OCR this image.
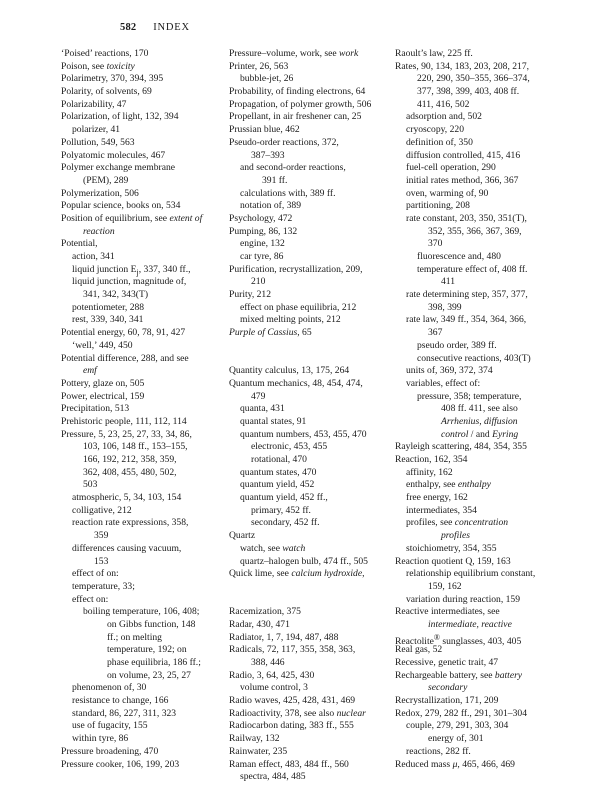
582 INDEX
‘Poised’ reactions, 170
Poison, see toxicity
Polarimetry, 370, 394, 395
Polarity, of solvents, 69
Polarizability, 47
Polarization, of light, 132, 394
polarizer, 41
Pollution, 549, 563
Polyatomic molecules, 467
Polymer exchange membrane
(PEM), 289
Polymerization, 506
Popular science, books on, 534
Position of equilibrium, see extent of
reaction
Potential,
action, 341
liquid junction $E_j$, 337, 340 ff.,
liquid junction, magnitude of,
341, 342, 343(T)
potentiometer, 288
rest, 339, 340, 341
Potential energy, 60, 78, 91, 427
‘well,’ 449, 450
Potential difference, 288, and see
emf
Pottery, glaze on, 505
Power, electrical, 159
Precipitation, 513
Prehistoric people, 111, 112, 114
Pressure, 5, 23, 25, 27, 33, 34, 86,
103, 106, 148 ff., 153–155,
166, 192, 212, 358, 359,
362, 408, 455, 480, 502,
503
atmospheric, 5, 34, 103, 154
colligative, 212
reaction rate expressions, 358,
359
differences causing vacuum,
153
effect of on:
temperature, 33;
effect on:
boiling temperature, 106, 408;
on Gibbs function, 148
ff.; on melting
temperature, 192; on
phase equilibria, 186 ff.;
on volume, 23, 25, 27
phenomenon of, 30
resistance to change, 166
standard, 86, 227, 311, 323
use of fugacity, 155
within tyre, 86
Pressure broadening, 470
Pressure cooker, 106, 199, 203
Pressure–volume, work, see work
Printer, 26, 563
bubble-jet, 26
Probability, of finding electrons, 64
Propagation, of polymer growth, 506
Propellant, in air freshener can, 25
Prussian blue, 462
Pseudo-order reactions, 372,
387–393
and second-order reactions,
391 ff.
calculations with, 389 ff.
notation of, 389
Psychology, 472
Pumping, 86, 132
engine, 132
car tyre, 86
Purification, recrystallization, 209,
210
Purity, 212
effect on phase equilibria, 212
mixed melting points, 212
Purple of Cassius, 65
Quantity calculus, 13, 175, 264
Quantum mechanics, 48, 454, 474,
479
quanta, 431
quantal states, 91
quantum numbers, 453, 455, 470
electronic, 453, 455
rotational, 470
quantum states, 470
quantum yield, 452
quantum yield, 452 ff.,
primary, 452 ff.
secondary, 452 ff.
Quartz
watch, see watch
quartz–halogen bulb, 474 ff., 505
Quick lime, see calcium hydroxide,
Racemization, 375
Radar, 430, 471
Radiator, 1, 7, 194, 487, 488
Radicals, 72, 117, 355, 358, 363,
388, 446
Radio, 3, 64, 425, 430
volume control, 3
Radio waves, 425, 428, 431, 469
Radioactivity, 378, see also nuclear
Radiocarbon dating, 383 ff., 555
Railway, 132
Rainwater, 235
Raman effect, 483, 484 ff., 560
spectra, 484, 485
Raoult’s law, 225 ff.
Rates, 90, 134, 183, 203, 208, 217,
220, 290, 350–355, 366–374,
377, 398, 399, 403, 408 ff.
411, 416, 502
adsorption and, 502
cryoscopy, 220
definition of, 350
diffusion controlled, 415, 416
fuel-cell operation, 290
initial rates method, 366, 367
oven, warming of, 90
partitioning, 208
rate constant, 203, 350, 351(T),
352, 355, 366, 367, 369,
370
fluorescence and, 480
temperature effect of, 408 ff.
411
rate determining step, 357, 377,
398, 399
rate law, 349 ff., 354, 364, 366,
367
pseudo order, 389 ff.
consecutive reactions, 403(T)
units of, 369, 372, 374
variables, effect of:
pressure, 358; temperature,
408 ff. 411, see also
Arrhenius, diffusion
control / and Eyring
Rayleigh scattering, 484, 354, 355
Reaction, 162, 354
affinity, 162
enthalpy, see enthalpy
free energy, 162
intermediates, 354
profiles, see concentration
profiles
stoichiometry, 354, 355
Reaction quotient Q, 159, 163
relationship equilibrium constant,
159, 162
variation during reaction, 159
Reactive intermediates, see
intermediate, reactive
Reactolite® sunglasses, 403, 405
Real gas, 52
Recessive, genetic trait, 47
Rechargeable battery, see battery
secondary
Recrystallization, 171, 209
Redox, 279, 282 ff., 291, 301–304
couple, 279, 291, 303, 304
energy of, 301
reactions, 282 ff.
Reduced mass μ, 465, 466, 469
